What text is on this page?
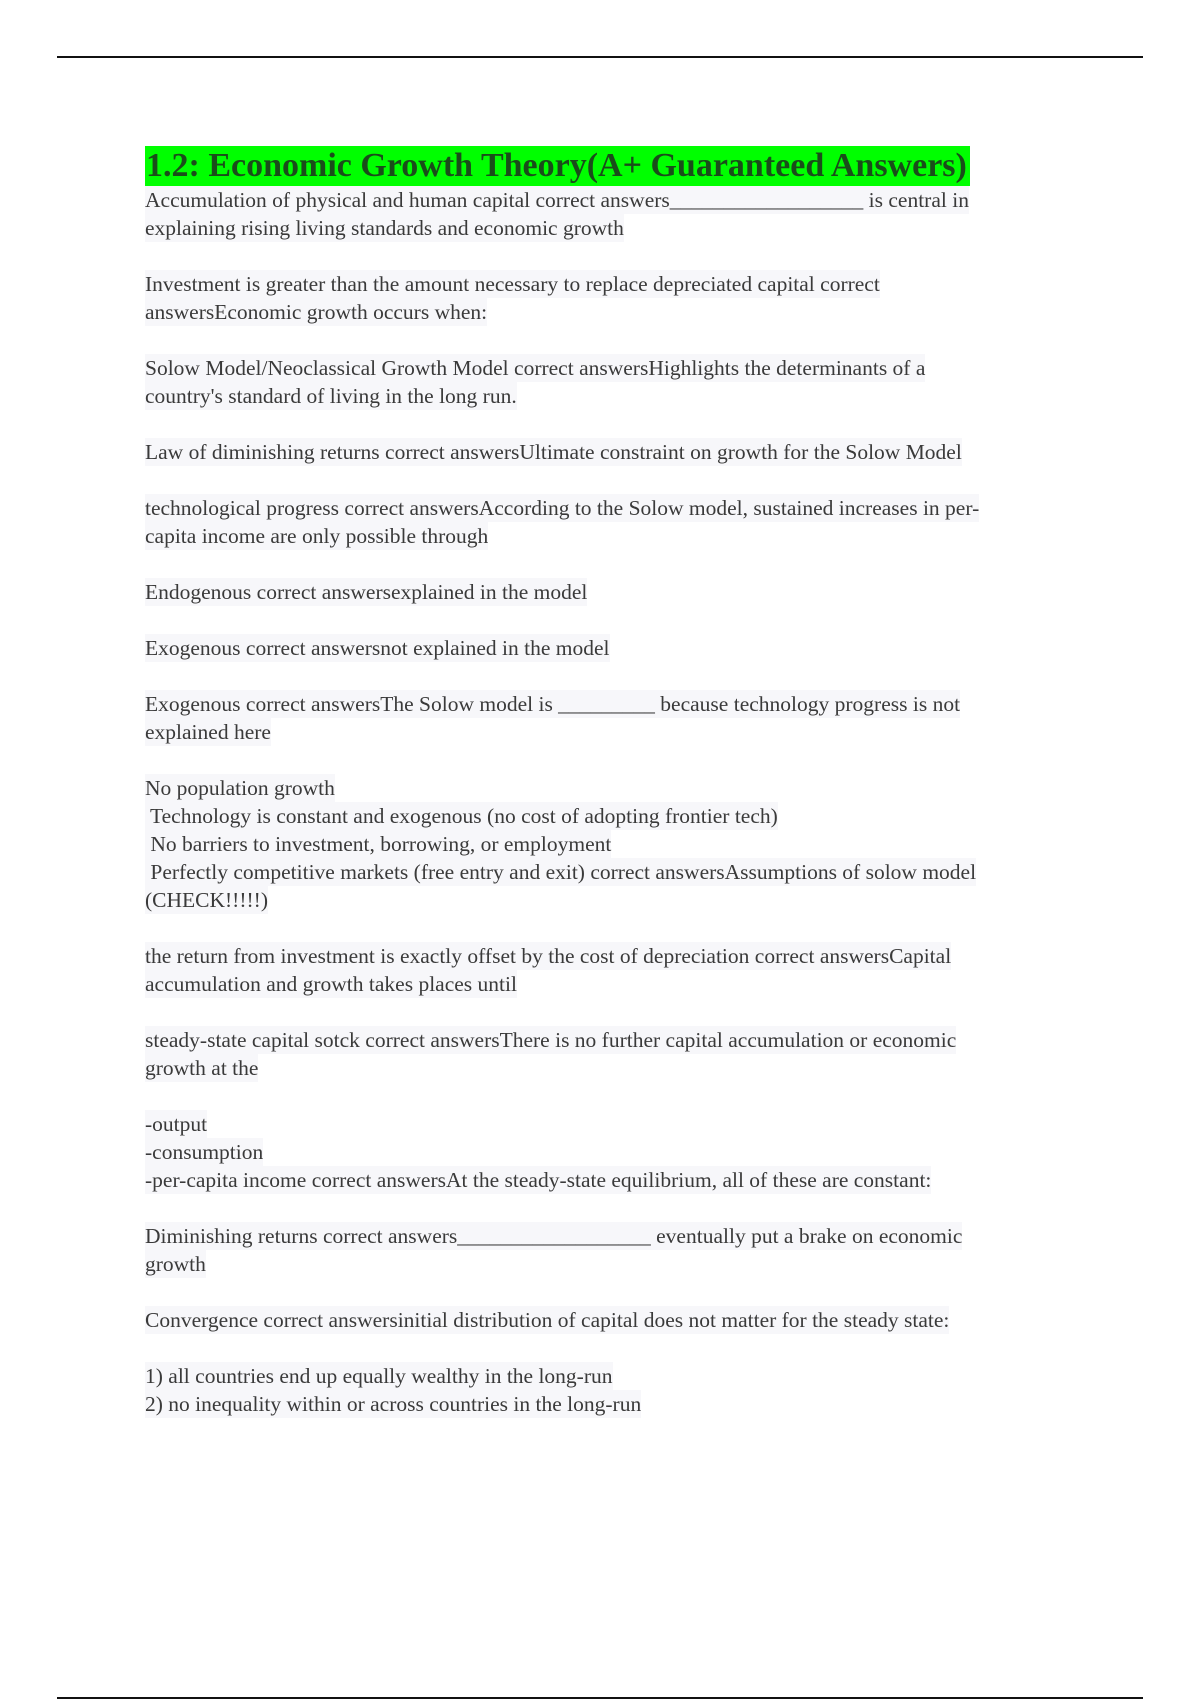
1.2: Economic Growth Theory(A+ Guaranteed Answers)
Accumulation of physical and human capital correct answers__________________ is central in
explaining rising living standards and economic growth
Investment is greater than the amount necessary to replace depreciated capital correct
answersEconomic growth occurs when:
Solow Model/Neoclassical Growth Model correct answersHighlights the determinants of a
country's standard of living in the long run.
Law of diminishing returns correct answersUltimate constraint on growth for the Solow Model
technological progress correct answersAccording to the Solow model, sustained increases in per-
capita income are only possible through
Endogenous correct answersexplained in the model
Exogenous correct answersnot explained in the model
Exogenous correct answersThe Solow model is _________ because technology progress is not
explained here
No population growth
Technology is constant and exogenous (no cost of adopting frontier tech)
No barriers to investment, borrowing, or employment
Perfectly competitive markets (free entry and exit) correct answersAssumptions of solow model
(CHECK!!!!!)
the return from investment is exactly offset by the cost of depreciation correct answersCapital
accumulation and growth takes places until
steady-state capital sotck correct answersThere is no further capital accumulation or economic
growth at the
-output
-consumption
-per-capita income correct answersAt the steady-state equilibrium, all of these are constant:
Diminishing returns correct answers__________________ eventually put a brake on economic
growth
Convergence correct answersinitial distribution of capital does not matter for the steady state:
1) all countries end up equally wealthy in the long-run
2) no inequality within or across countries in the long-run
